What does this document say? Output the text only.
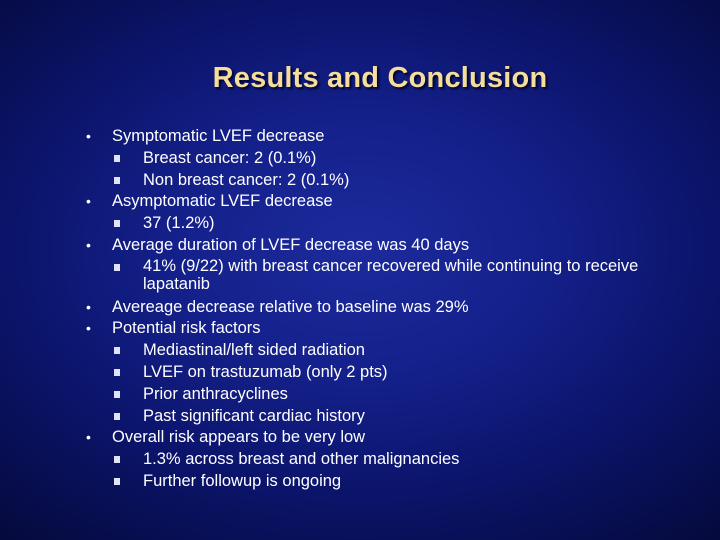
Results and Conclusion
• Symptomatic LVEF decrease
Breast cancer: 2 (0.1%)
Non breast cancer: 2 (0.1%)
• Asymptomatic LVEF decrease
37 (1.2%)
• Average duration of LVEF decrease was 40 days
41% (9/22) with breast cancer recovered while continuing to receive lapatanib
• Avereage decrease relative to baseline was 29%
• Potential risk factors
Mediastinal/left sided radiation
LVEF on trastuzumab (only 2 pts)
Prior anthracyclines
Past significant cardiac history
• Overall risk appears to be very low
1.3% across breast and other malignancies
Further followup is ongoing
